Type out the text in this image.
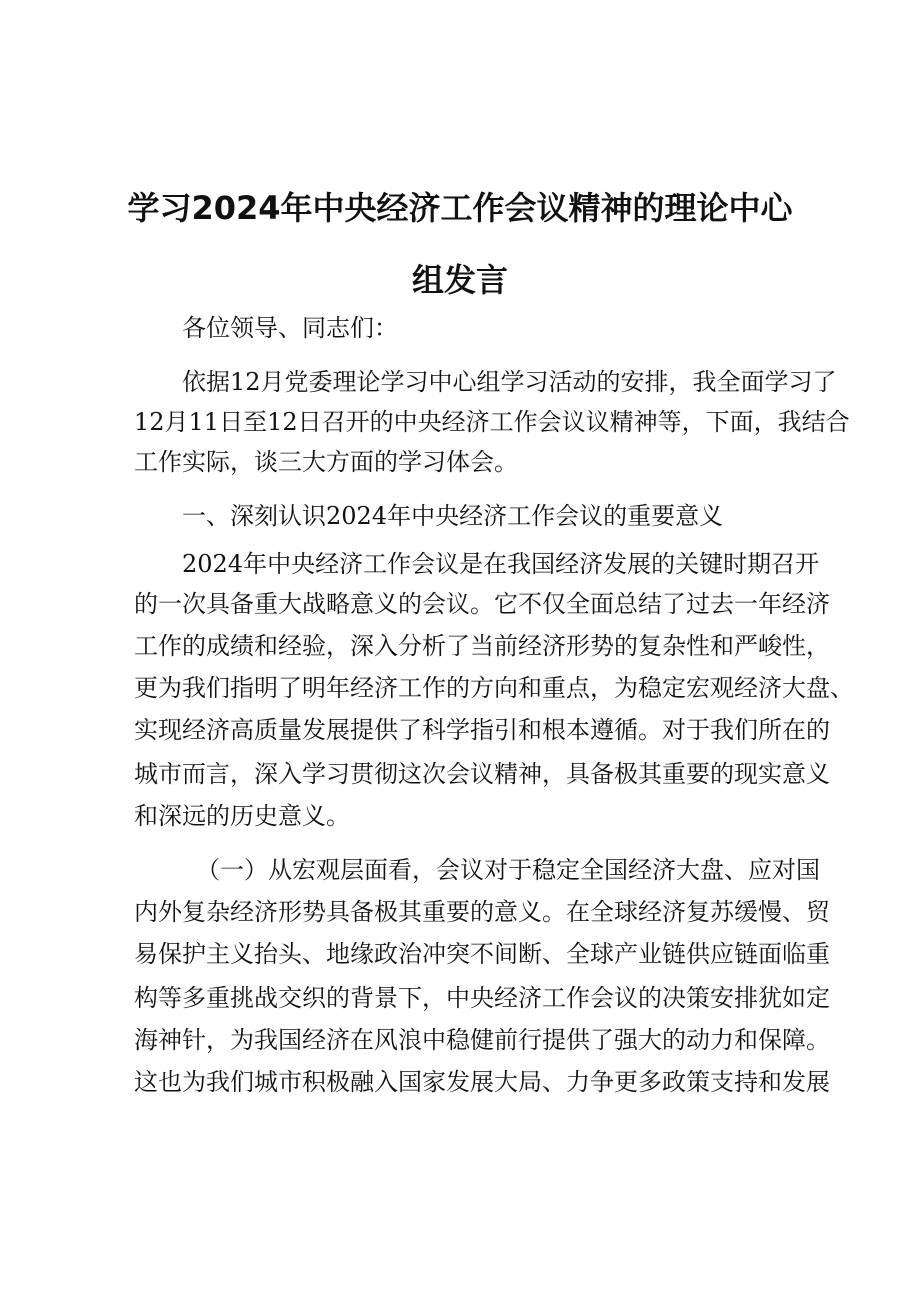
学习2024年中央经济工作会议精神的理论中心
组发言
各位领导、同志们：
依据12月党委理论学习中心组学习活动的安排，我全面学习了
12月11日至12日召开的中央经济工作会议议精神等，下面，我结合
工作实际，谈三大方面的学习体会。
一、深刻认识2024年中央经济工作会议的重要意义
2024年中央经济工作会议是在我国经济发展的关键时期召开
的一次具备重大战略意义的会议。它不仅全面总结了过去一年经济
工作的成绩和经验，深入分析了当前经济形势的复杂性和严峻性，
更为我们指明了明年经济工作的方向和重点，为稳定宏观经济大盘、
实现经济高质量发展提供了科学指引和根本遵循。对于我们所在的
城市而言，深入学习贯彻这次会议精神，具备极其重要的现实意义
和深远的历史意义。
（一）从宏观层面看，会议对于稳定全国经济大盘、应对国
内外复杂经济形势具备极其重要的意义。在全球经济复苏缓慢、贸
易保护主义抬头、地缘政治冲突不间断、全球产业链供应链面临重
构等多重挑战交织的背景下，中央经济工作会议的决策安排犹如定
海神针，为我国经济在风浪中稳健前行提供了强大的动力和保障。
这也为我们城市积极融入国家发展大局、力争更多政策支持和发展
